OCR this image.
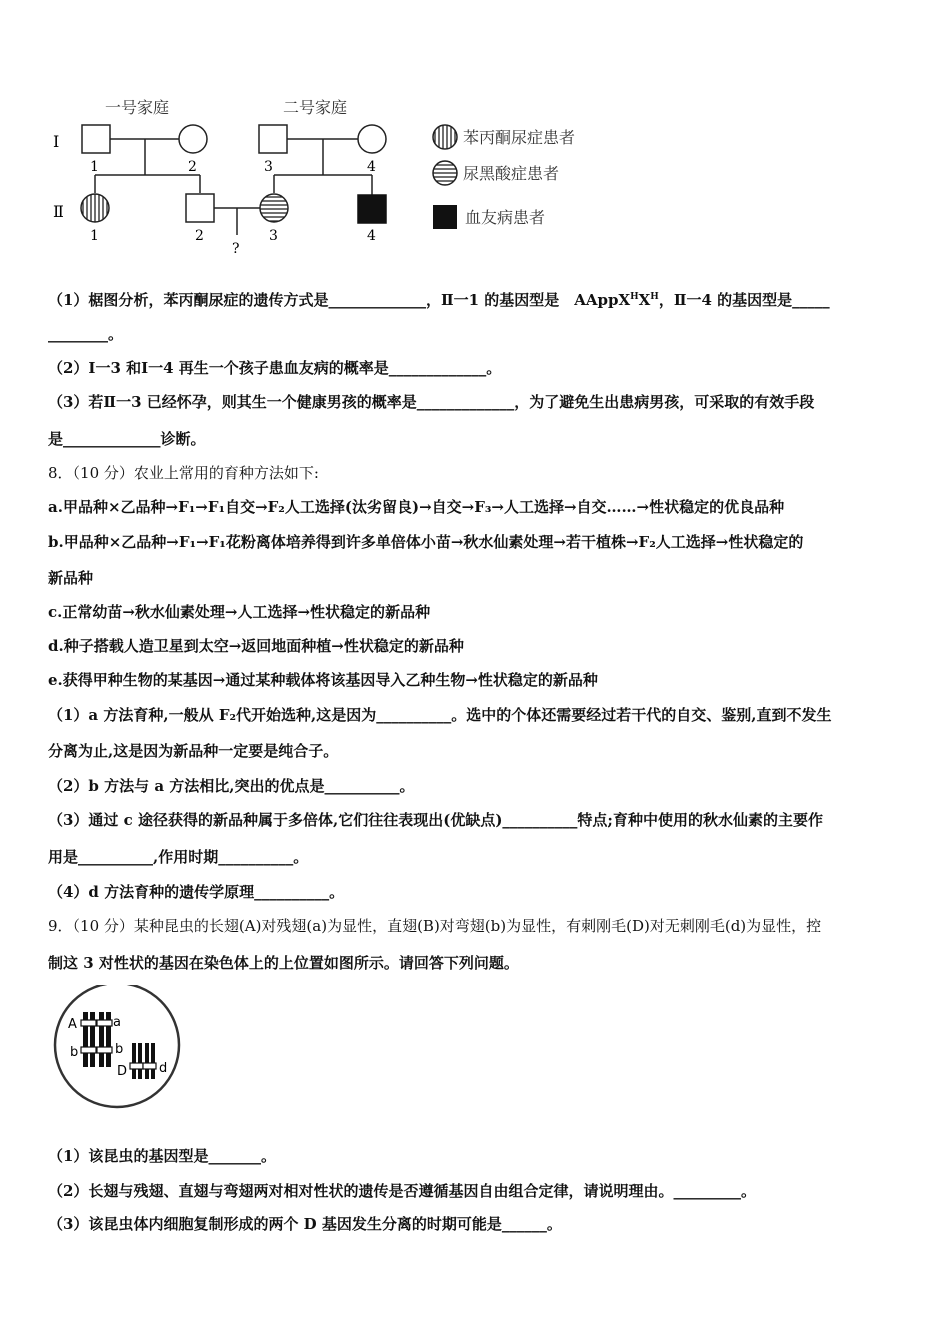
一号家庭	二号家庭
Ⅰ
Ⅱ
1	2	3	4
1	2	3	4
?
苯丙酮尿症患者
尿黑酸症患者
血友病患者
（1）椐图分析，苯丙酮尿症的遗传方式是_____________，Ⅱ一1 的基因型是　$AAppX^HX^H$，Ⅱ一4 的基因型是_____
________。
（2）Ⅰ一3 和Ⅰ一4 再生一个孩子患血友病的概率是_____________。
（3）若Ⅱ一3 已经怀孕，则其生一个健康男孩的概率是_____________，为了避免生出患病男孩，可采取的有效手段
是_____________诊断。
8．（10 分）农业上常用的育种方法如下:
a.甲品种×乙品种→F₁→F₁自交→F₂人工选择(汰劣留良)→自交→F₃→人工选择→自交……→性状稳定的优良品种
b.甲品种×乙品种→F₁→F₁花粉离体培养得到许多单倍体小苗→秋水仙素处理→若干植株→F₂人工选择→性状稳定的
新品种
c.正常幼苗→秋水仙素处理→人工选择→性状稳定的新品种
d.种子搭载人造卫星到太空→返回地面种植→性状稳定的新品种
e.获得甲种生物的某基因→通过某种载体将该基因导入乙种生物→性状稳定的新品种
（1）a 方法育种,一般从 F₂代开始选种,这是因为__________。选中的个体还需要经过若干代的自交、鉴别,直到不发生
分离为止,这是因为新品种一定要是纯合子。
（2）b 方法与 a 方法相比,突出的优点是__________。
（3）通过 c 途径获得的新品种属于多倍体,它们往往表现出(优缺点)__________特点;育种中使用的秋水仙素的主要作
用是__________,作用时期__________。
（4）d 方法育种的遗传学原理__________。
9．（10 分）某种昆虫的长翅(A)对残翅(a)为显性，直翅(B)对弯翅(b)为显性，有刺刚毛(D)对无刺刚毛(d)为显性，控
制这 3 对性状的基因在染色体上的上位置如图所示。请回答下列问题。
A	a
b	b
D d
（1）该昆虫的基因型是_______。
（2）长翅与残翅、直翅与弯翅两对相对性状的遗传是否遵循基因自由组合定律，请说明理由。_________。
（3）该昆虫体内细胞复制形成的两个 D 基因发生分离的时期可能是______。
